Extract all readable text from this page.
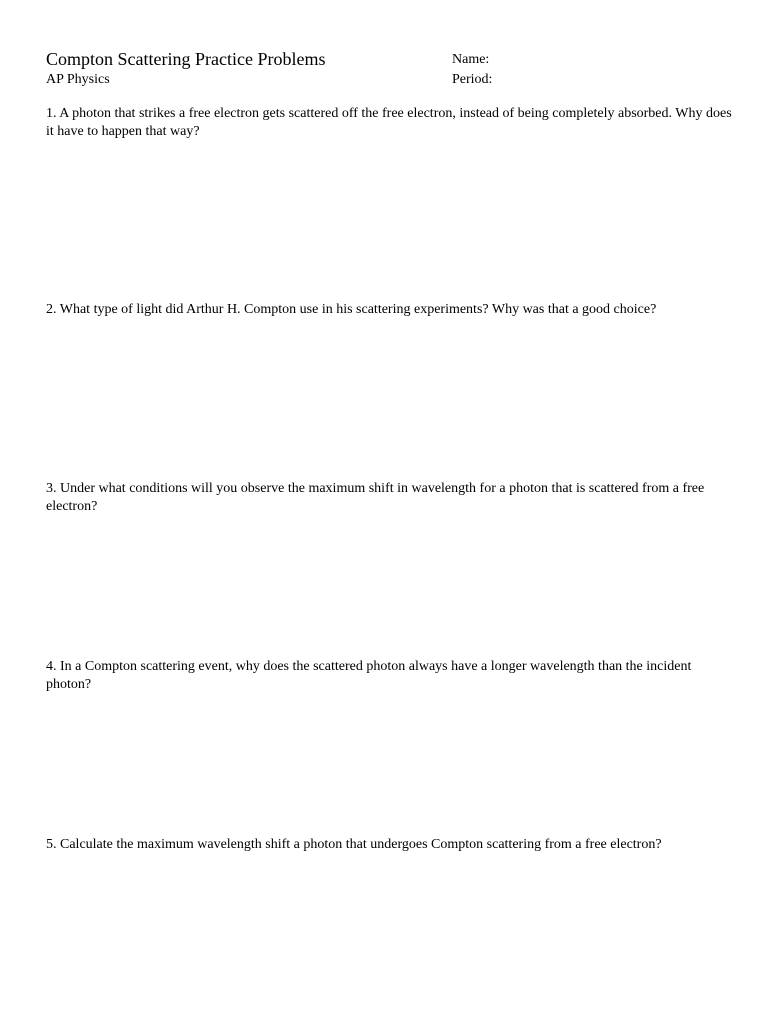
Compton Scattering Practice Problems
AP Physics
Name:
Period:
1. A photon that strikes a free electron gets scattered off the free electron, instead of being completely absorbed. Why does it have to happen that way?
2. What type of light did Arthur H. Compton use in his scattering experiments? Why was that a good choice?
3. Under what conditions will you observe the maximum shift in wavelength for a photon that is scattered from a free electron?
4. In a Compton scattering event, why does the scattered photon always have a longer wavelength than the incident photon?
5. Calculate the maximum wavelength shift a photon that undergoes Compton scattering from a free electron?
